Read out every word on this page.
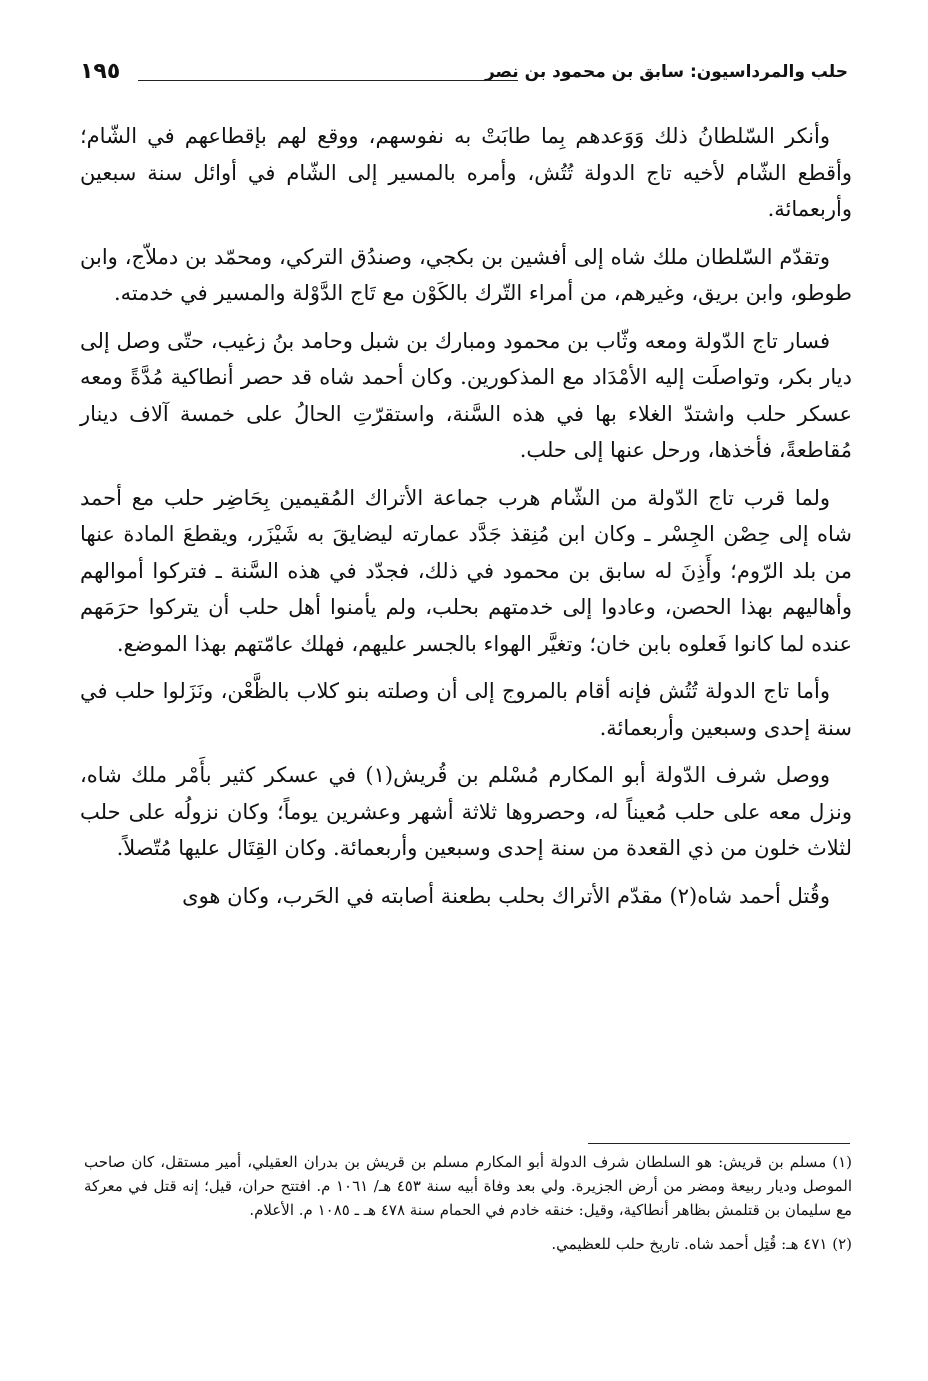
حلب والمرداسيون: سابق بن محمود بن نصر
١٩٥

وأنكر السّلطانُ ذلك وَوَعدهم بِما طابَتْ به نفوسهم، ووقع لهم بإقطاعهم في الشّام؛ وأقطع الشّام لأخيه تاج الدولة تُتُش، وأمره بالمسير إلى الشّام في أوائل سنة سبعين وأربعمائة.

وتقدّم السّلطان ملك شاه إلى أفشين بن بكجي، وصندُق التركي، ومحمّد بن دملاّج، وابن طوطو، وابن بريق، وغيرهم، من أمراء التّرك بالكَوْن مع تَاج الدَّوْلة والمسير في خدمته.

فسار تاج الدّولة ومعه وثّاب بن محمود ومبارك بن شبل وحامد بنُ زغيب، حتّى وصل إلى ديار بكر، وتواصلَت إليه الأمْدَاد مع المذكورين. وكان أحمد شاه قد حصر أنطاكية مُدَّةً ومعه عسكر حلب واشتدّ الغلاء بها في هذه السَّنة، واستقرّتِ الحالُ على خمسة آلاف دينار مُقاطعةً، فأخذها، ورحل عنها إلى حلب.

ولما قرب تاج الدّولة من الشّام هرب جماعة الأتراك المُقيمين بِحَاضِر حلب مع أحمد شاه إلى حِصْن الجِسْر ـ وكان ابن مُنِقذ جَدَّد عمارته ليضايقَ به شَيْزَر، ويقطعَ المادة عنها من بلد الرّوم؛ وأَذِنَ له سابق بن محمود في ذلك، فجدّد في هذه السَّنة ـ فتركوا أموالهم وأهاليهم بهذا الحصن، وعادوا إلى خدمتهم بحلب، ولم يأمنوا أهل حلب أن يتركوا حرَمَهم عنده لما كانوا فَعلوه بابن خان؛ وتغيَّر الهواء بالجسر عليهم، فهلك عامّتهم بهذا الموضع.

وأما تاج الدولة تُتُش فإنه أقام بالمروج إلى أن وصلته بنو كلاب بالظَّعْن، ونَزَلوا حلب في سنة إحدى وسبعين وأربعمائة.

ووصل شرف الدّولة أبو المكارم مُسْلم بن قُريش(١) في عسكر كثير بأَمْر ملك شاه، ونزل معه على حلب مُعيناً له، وحصروها ثلاثة أشهر وعشرين يوماً؛ وكان نزولُه على حلب لثلاث خلون من ذي القعدة من سنة إحدى وسبعين وأربعمائة. وكان القِتَال عليها مُتّصلاً.

وقُتل أحمد شاه(٢) مقدّم الأتراك بحلب بطعنة أصابته في الحَرب، وكان هوى

(١) مسلم بن قريش: هو السلطان شرف الدولة أبو المكارم مسلم بن قريش بن بدران العقيلي، أمير مستقل، كان صاحب الموصل وديار ربيعة ومضر من أرض الجزيرة. ولي بعد وفاة أبيه سنة ٤٥٣ هـ/ ١٠٦١ م. افتتح حران، قيل؛ إنه قتل في معركة مع سليمان بن قتلمش بظاهر أنطاكية، وقيل: خنقه خادم في الحمام سنة ٤٧٨ هـ ـ ١٠٨٥ م. الأعلام.

(٢) ٤٧١ هـ: قُتِل أحمد شاه. تاريخ حلب للعظيمي.
